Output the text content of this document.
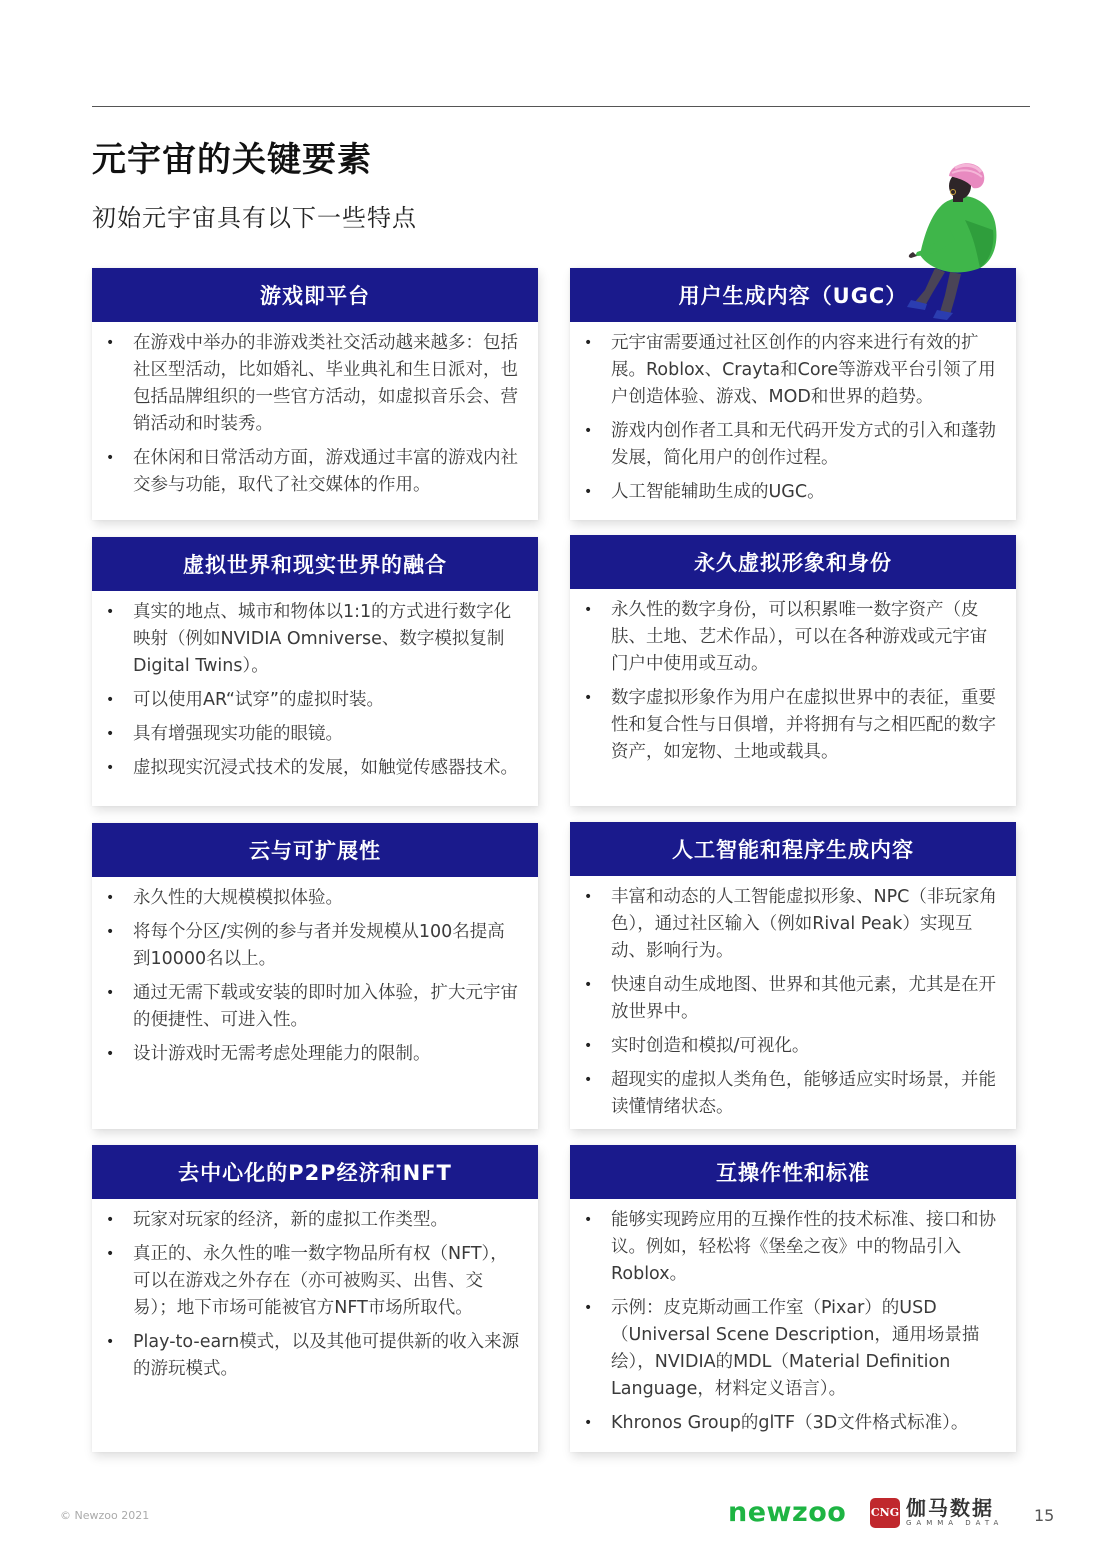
元宇宙的关键要素
初始元宇宙具有以下一些特点
游戏即平台
•	在游戏中举办的非游戏类社交活动越来越多：包括社区型活动，比如婚礼、毕业典礼和生日派对，也包括品牌组织的一些官方活动，如虚拟音乐会、营销活动和时装秀。
•	在休闲和日常活动方面，游戏通过丰富的游戏内社交参与功能，取代了社交媒体的作用。
用户生成内容（UGC）
•	元宇宙需要通过社区创作的内容来进行有效的扩展。Roblox、Crayta和Core等游戏平台引领了用户创造体验、游戏、MOD和世界的趋势。
•	游戏内创作者工具和无代码开发方式的引入和蓬勃发展，简化用户的创作过程。
•	人工智能辅助生成的UGC。
虚拟世界和现实世界的融合
•	真实的地点、城市和物体以1:1的方式进行数字化映射（例如NVIDIA Omniverse、数字模拟复制Digital Twins）。
•	可以使用AR“试穿”的虚拟时装。
•	具有增强现实功能的眼镜。
•	虚拟现实沉浸式技术的发展，如触觉传感器技术。
永久虚拟形象和身份
•	永久性的数字身份，可以积累唯一数字资产（皮肤、土地、艺术作品），可以在各种游戏或元宇宙门户中使用或互动。
•	数字虚拟形象作为用户在虚拟世界中的表征，重要性和复合性与日俱增，并将拥有与之相匹配的数字资产，如宠物、土地或载具。
云与可扩展性
•	永久性的大规模模拟体验。
•	将每个分区/实例的参与者并发规模从100名提高到10000名以上。
•	通过无需下载或安装的即时加入体验，扩大元宇宙的便捷性、可进入性。
•	设计游戏时无需考虑处理能力的限制。
人工智能和程序生成内容
•	丰富和动态的人工智能虚拟形象、NPC（非玩家角色），通过社区输入（例如Rival Peak）实现互动、影响行为。
•	快速自动生成地图、世界和其他元素，尤其是在开放世界中。
•	实时创造和模拟/可视化。
•	超现实的虚拟人类角色，能够适应实时场景，并能读懂情绪状态。
去中心化的P2P经济和NFT
•	玩家对玩家的经济，新的虚拟工作类型。
•	真正的、永久性的唯一数字物品所有权（NFT），可以在游戏之外存在（亦可被购买、出售、交易）；地下市场可能被官方NFT市场所取代。
•	Play-to-earn模式，以及其他可提供新的收入来源的游玩模式。
互操作性和标准
•	能够实现跨应用的互操作性的技术标准、接口和协议。例如，轻松将《堡垒之夜》中的物品引入Roblox。
•	示例：皮克斯动画工作室（Pixar）的USD（Universal Scene Description，通用场景描绘），NVIDIA的MDL（Material Definition Language，材料定义语言）。
•	Khronos Group的glTF（3D文件格式标准）。
© Newzoo 2021	newzoo CNG 伽马数据
GAMMA DATA 15
